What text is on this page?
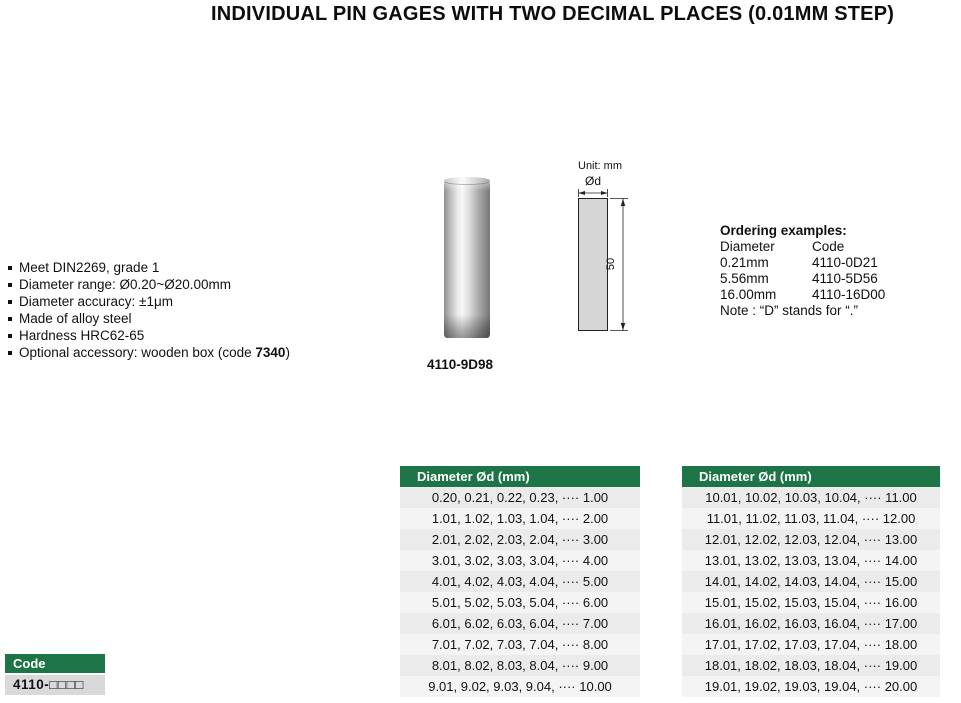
INDIVIDUAL PIN GAGES WITH TWO DECIMAL PLACES (0.01MM STEP)
Meet DIN2269, grade 1
Diameter range: Ø0.20~Ø20.00mm
Diameter accuracy: ±1μm
Made of alloy steel
Hardness HRC62-65
Optional accessory: wooden box (code 7340)
4110-9D98
Unit: mm
Ød
50
Ordering examples:
Diameter	Code
0.21mm	4110-0D21
5.56mm	4110-5D56
16.00mm	4110-16D00
Note : “D” stands for “.”
Diameter Ød (mm)
0.20, 0.21, 0.22, 0.23, ···· 1.00
1.01, 1.02, 1.03, 1.04, ···· 2.00
2.01, 2.02, 2.03, 2.04, ···· 3.00
3.01, 3.02, 3.03, 3.04, ···· 4.00
4.01, 4.02, 4.03, 4.04, ···· 5.00
5.01, 5.02, 5.03, 5.04, ···· 6.00
6.01, 6.02, 6.03, 6.04, ···· 7.00
7.01, 7.02, 7.03, 7.04, ···· 8.00
8.01, 8.02, 8.03, 8.04, ···· 9.00
9.01, 9.02, 9.03, 9.04, ···· 10.00
Diameter Ød (mm)
10.01, 10.02, 10.03, 10.04, ···· 11.00
11.01, 11.02, 11.03, 11.04, ···· 12.00
12.01, 12.02, 12.03, 12.04, ···· 13.00
13.01, 13.02, 13.03, 13.04, ···· 14.00
14.01, 14.02, 14.03, 14.04, ···· 15.00
15.01, 15.02, 15.03, 15.04, ···· 16.00
16.01, 16.02, 16.03, 16.04, ···· 17.00
17.01, 17.02, 17.03, 17.04, ···· 18.00
18.01, 18.02, 18.03, 18.04, ···· 19.00
19.01, 19.02, 19.03, 19.04, ···· 20.00
Code
4110-□□□□
